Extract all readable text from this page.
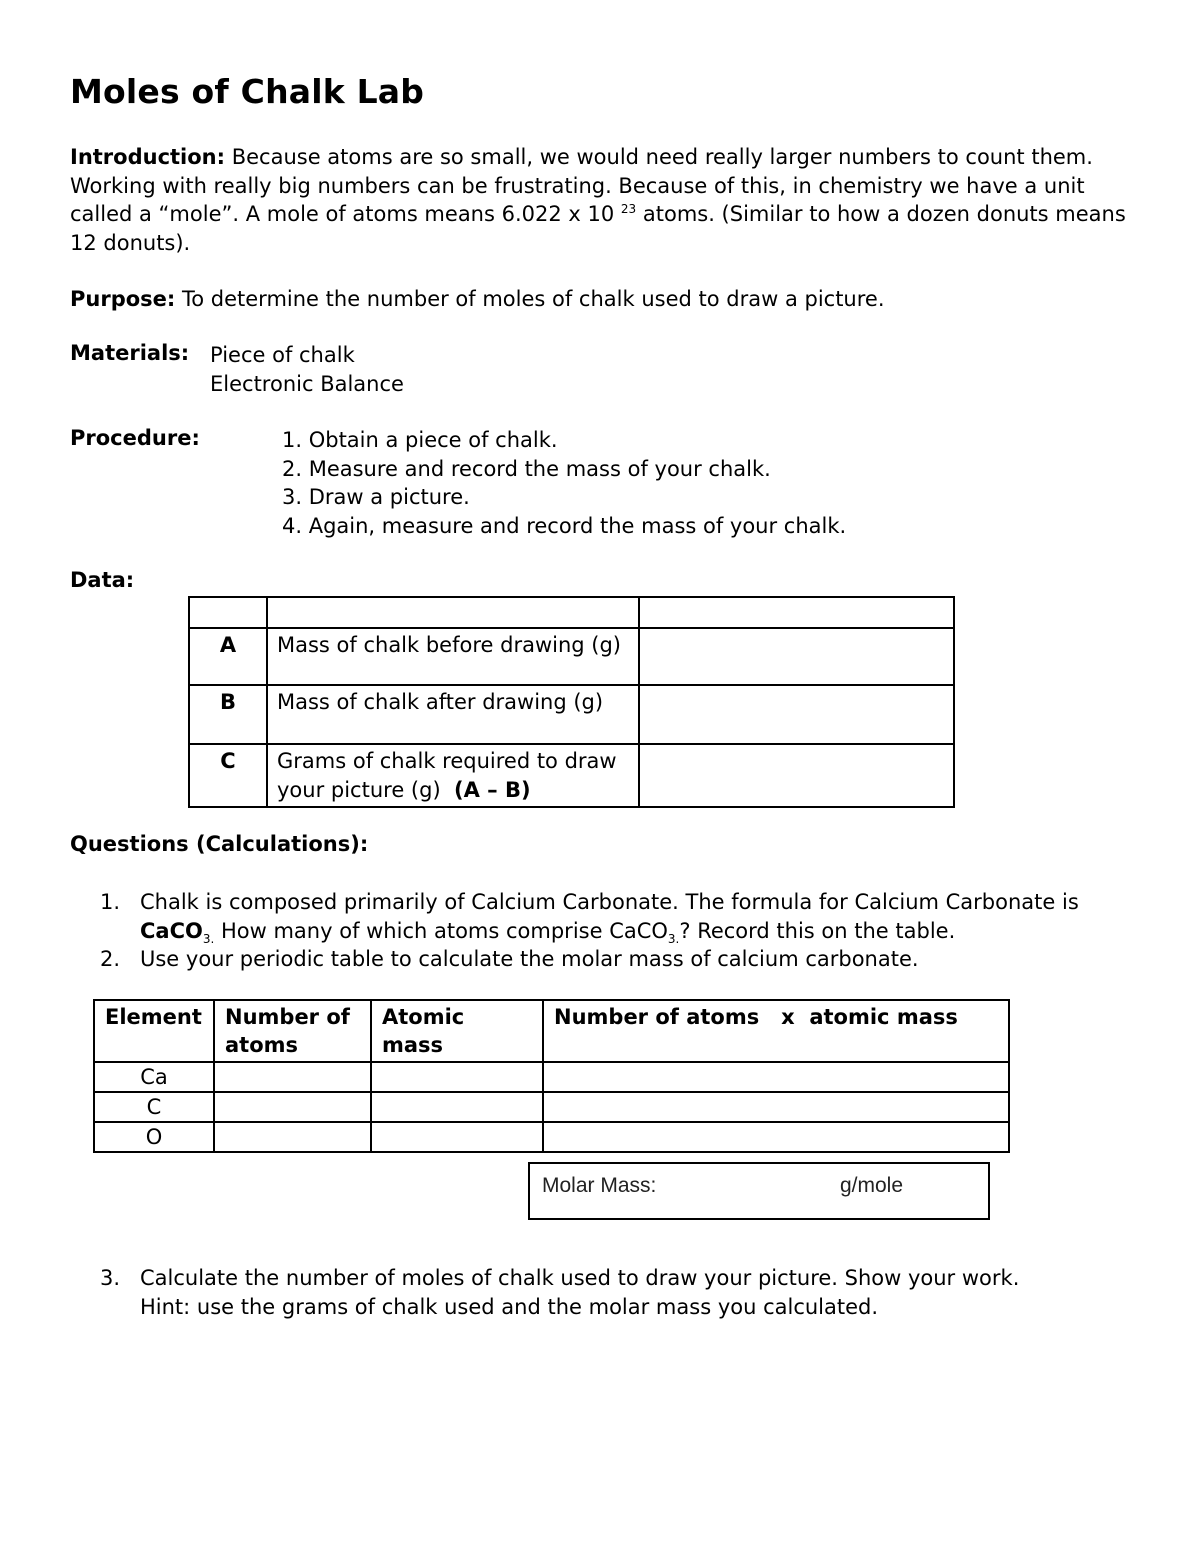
Moles of Chalk Lab
Introduction: Because atoms are so small, we would need really larger numbers to count them. Working with really big numbers can be frustrating. Because of this, in chemistry we have a unit called a “mole”. A mole of atoms means 6.022 x 10 $^{23}$ atoms. (Similar to how a dozen donuts means 12 donuts).
Purpose: To determine the number of moles of chalk used to draw a picture.
Materials: Piece of chalk
Electronic Balance
Procedure:	1. Obtain a piece of chalk.
2. Measure and record the mass of your chalk.
3. Draw a picture.
4. Again, measure and record the mass of your chalk.
Data:

A	Mass of chalk before drawing (g)	
B	Mass of chalk after drawing (g)	
C	Grams of chalk required to draw your picture (g) (A – B)	
Questions (Calculations):
1. Chalk is composed primarily of Calcium Carbonate. The formula for Calcium Carbonate is CaCO$_{3.}$ How many of which atoms comprise CaCO$_{3.}$? Record this on the table.
2. Use your periodic table to calculate the molar mass of calcium carbonate.
Element	Number of atoms	Atomic mass	Number of atoms   x  atomic mass
Ca			
C			
O			
Molar Mass:	g/mole
3. Calculate the number of moles of chalk used to draw your picture. Show your work.
Hint: use the grams of chalk used and the molar mass you calculated.
